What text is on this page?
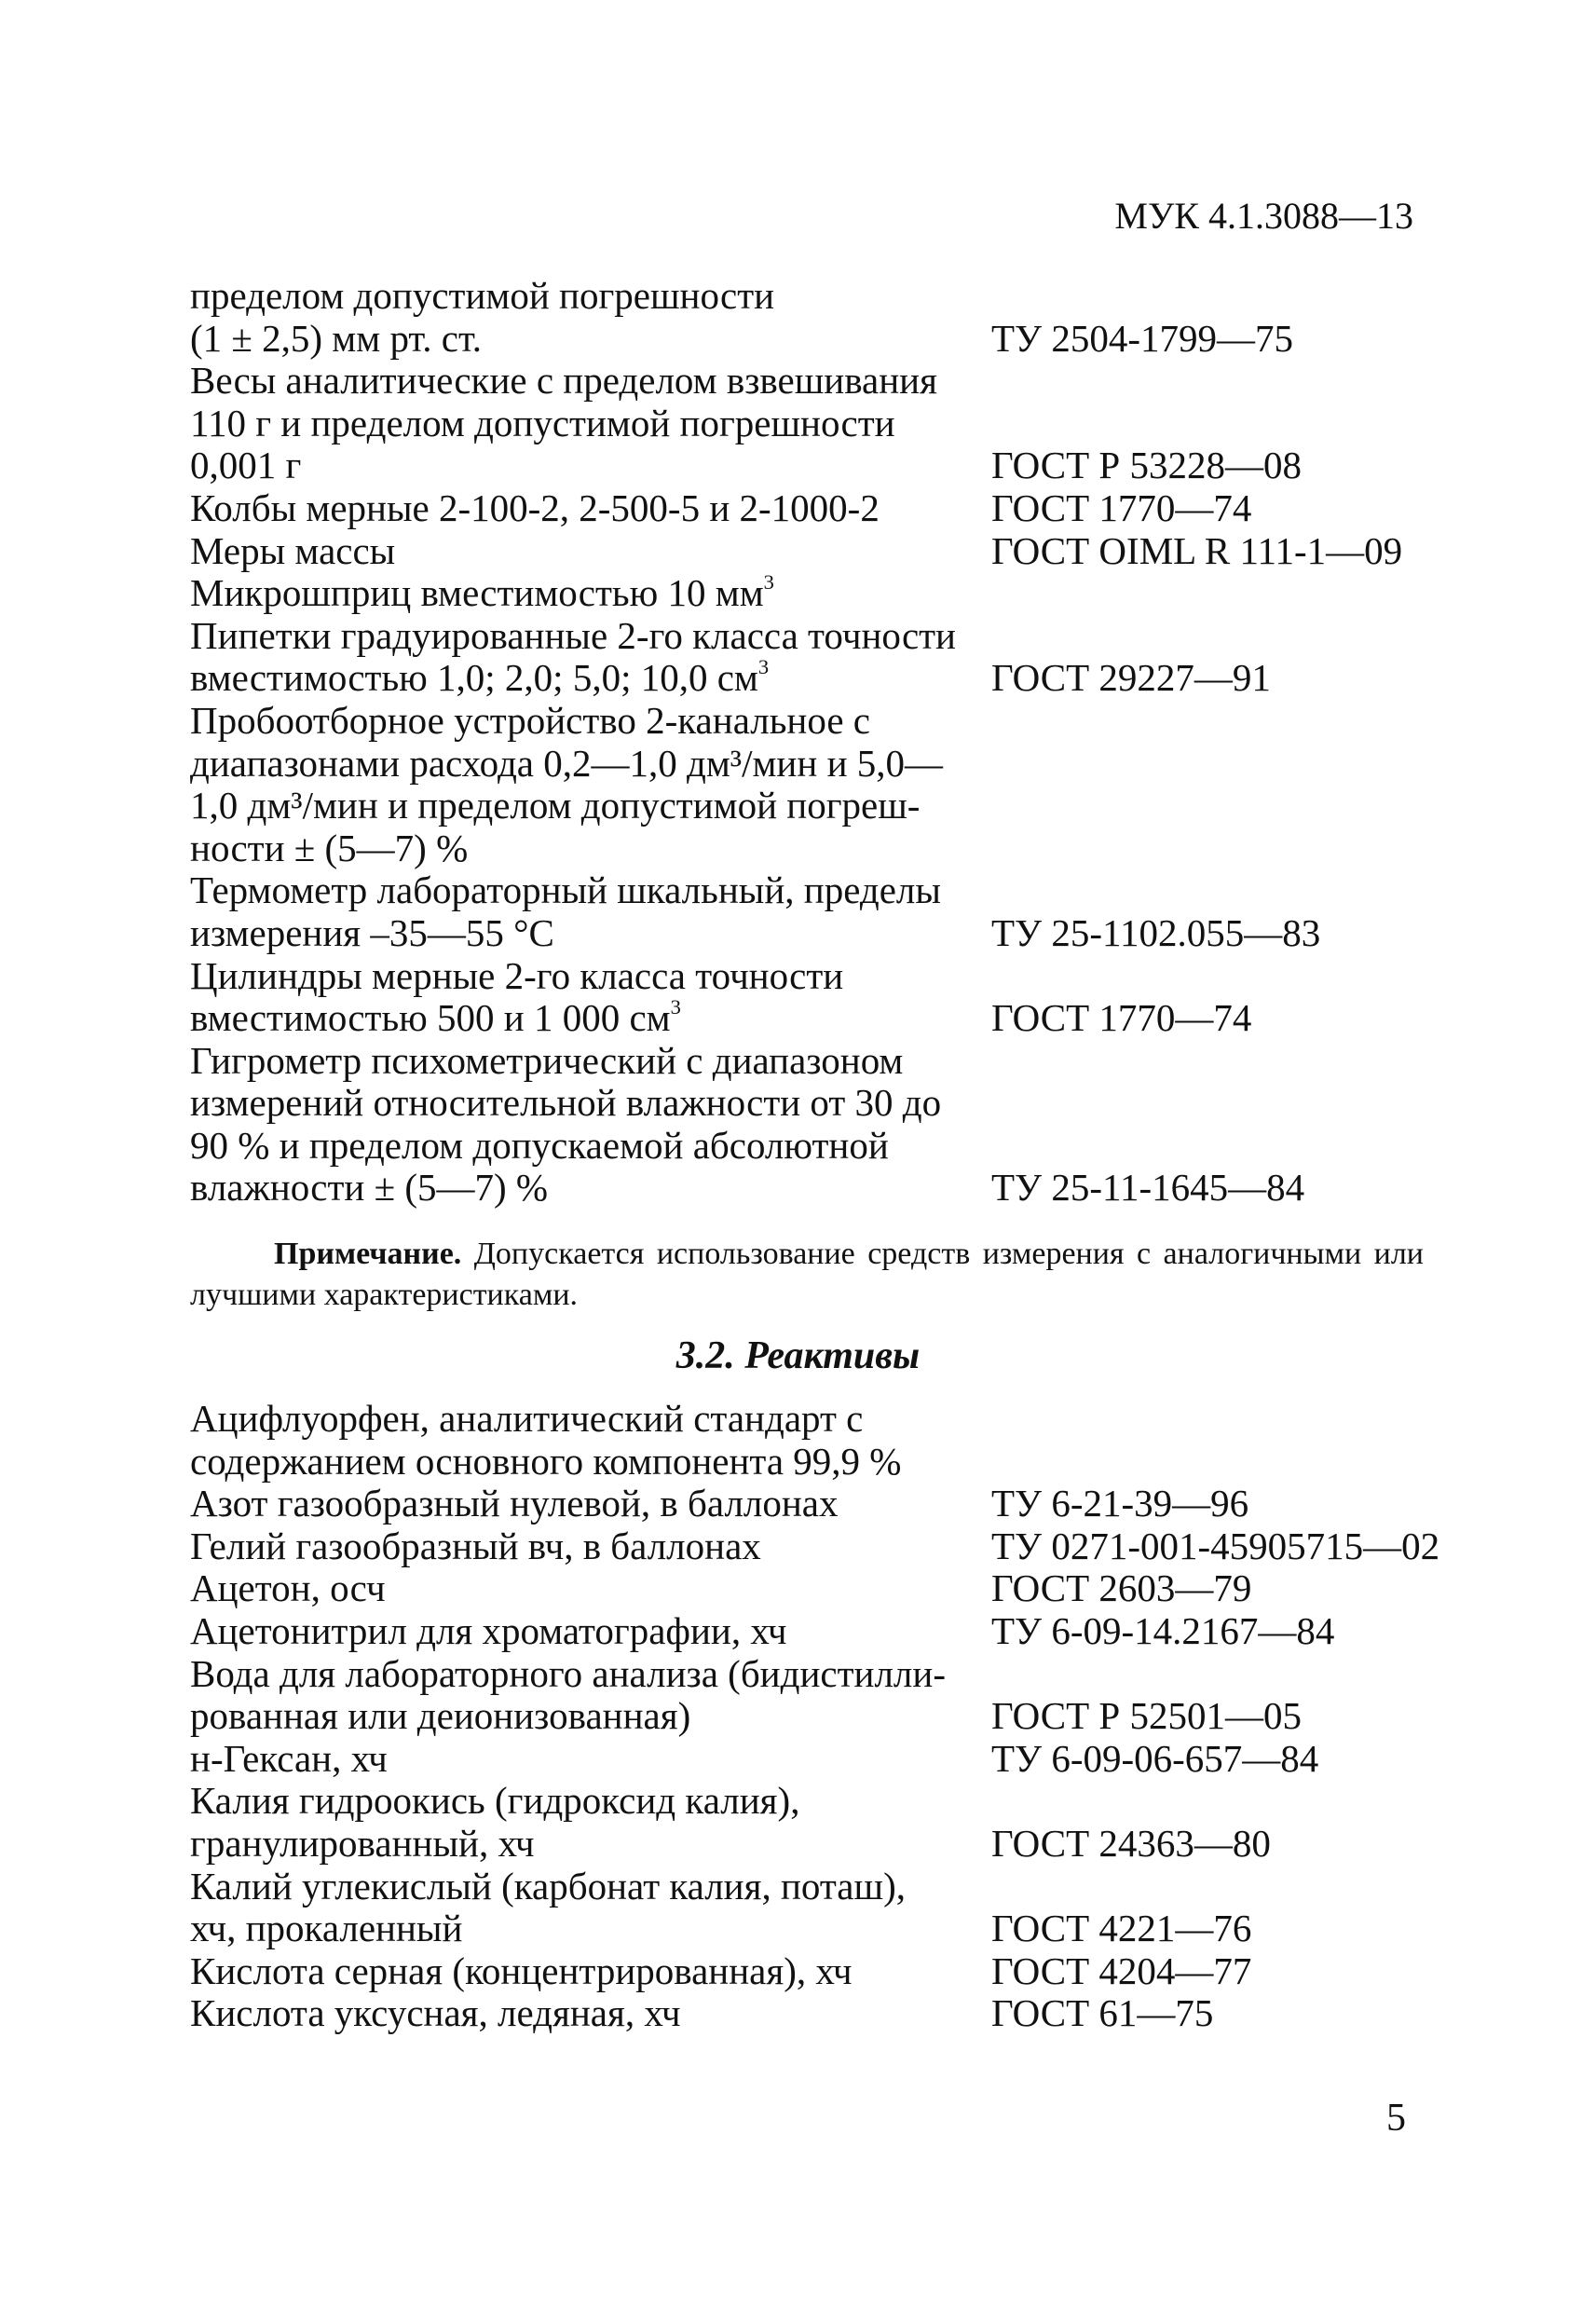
МУК 4.1.3088—13
пределом допустимой погрешности
(1 ± 2,5) мм рт. ст.	ТУ 2504-1799—75
Весы аналитические с пределом взвешивания
110 г и пределом допустимой погрешности
0,001 г	ГОСТ Р 53228—08
Колбы мерные 2-100-2, 2-500-5 и 2-1000-2	ГОСТ 1770—74
Меры массы	ГОСТ OIML R 111-1—09
Микрошприц вместимостью 10 $мм^3$
Пипетки градуированные 2-го класса точности
вместимостью 1,0; 2,0; 5,0; 10,0 $см^3$	ГОСТ 29227—91
Пробоотборное устройство 2-канальное с
диапазонами расхода 0,2—1,0 дм³/мин и 5,0—
1,0 дм³/мин и пределом допустимой погреш-
ности ± (5—7) %
Термометр лабораторный шкальный, пределы
измерения –35—55 °С	ТУ 25-1102.055—83
Цилиндры мерные 2-го класса точности
вместимостью 500 и 1 000 $см^3$	ГОСТ 1770—74
Гигрометр психометрический с диапазоном
измерений относительной влажности от 30 до
90 % и пределом допускаемой абсолютной
влажности ± (5—7) %	ТУ 25-11-1645—84
Примечание. Допускается использование средств измерения с аналогичными или лучшими характеристиками.
3.2. Реактивы
Ацифлуорфен, аналитический стандарт с
содержанием основного компонента 99,9 %
Азот газообразный нулевой, в баллонах	ТУ 6-21-39—96
Гелий газообразный вч, в баллонах	ТУ 0271-001-45905715—02
Ацетон, осч	ГОСТ 2603—79
Ацетонитрил для хроматографии, хч	ТУ 6-09-14.2167—84
Вода для лабораторного анализа (бидистилли-
рованная или деионизованная)	ГОСТ Р 52501—05
н-Гексан, хч	ТУ 6-09-06-657—84
Калия гидроокись (гидроксид калия),
гранулированный, хч	ГОСТ 24363—80
Калий углекислый (карбонат калия, поташ),
хч, прокаленный	ГОСТ 4221—76
Кислота серная (концентрированная), хч	ГОСТ 4204—77
Кислота уксусная, ледяная, хч	ГОСТ 61—75
5
